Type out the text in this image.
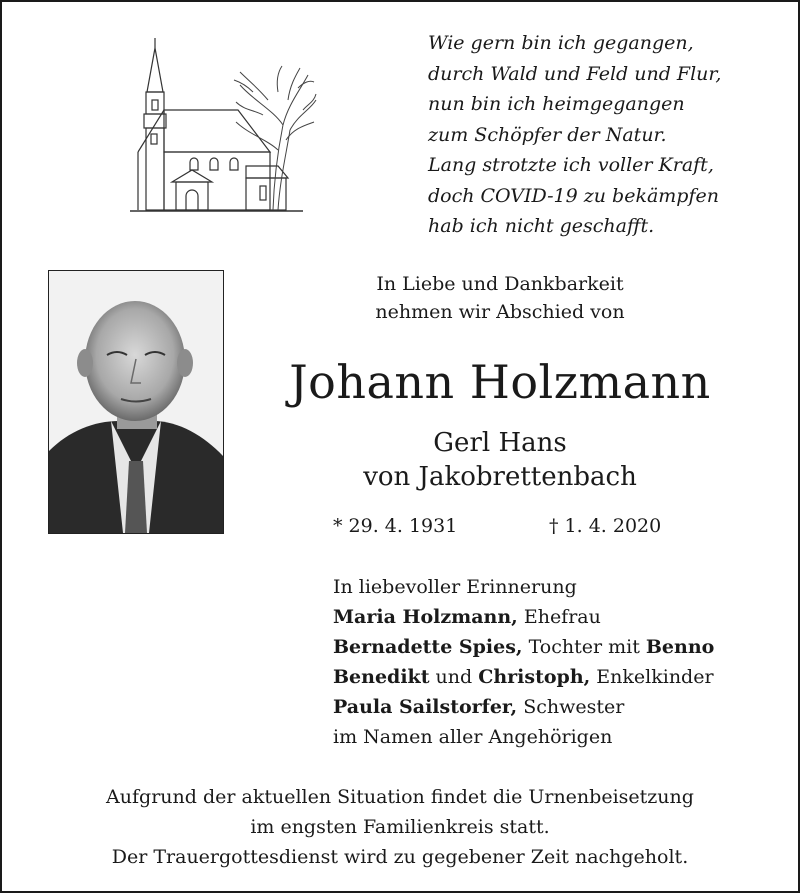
Wie gern bin ich gegangen,
durch Wald und Feld und Flur,
nun bin ich heimgegangen
zum Schöpfer der Natur.
Lang strotzte ich voller Kraft,
doch COVID-19 zu bekämpfen
hab ich nicht geschafft.
In Liebe und Dankbarkeit
nehmen wir Abschied von
Johann Holzmann
Gerl Hans
von Jakobrettenbach
* 29. 4. 1931	† 1. 4. 2020
In liebevoller Erinnerung
Maria Holzmann, Ehefrau
Bernadette Spies, Tochter mit Benno
Benedikt und Christoph, Enkelkinder
Paula Sailstorfer, Schwester
im Namen aller Angehörigen
Aufgrund der aktuellen Situation findet die Urnenbeisetzung
im engsten Familienkreis statt.
Der Trauergottesdienst wird zu gegebener Zeit nachgeholt.
